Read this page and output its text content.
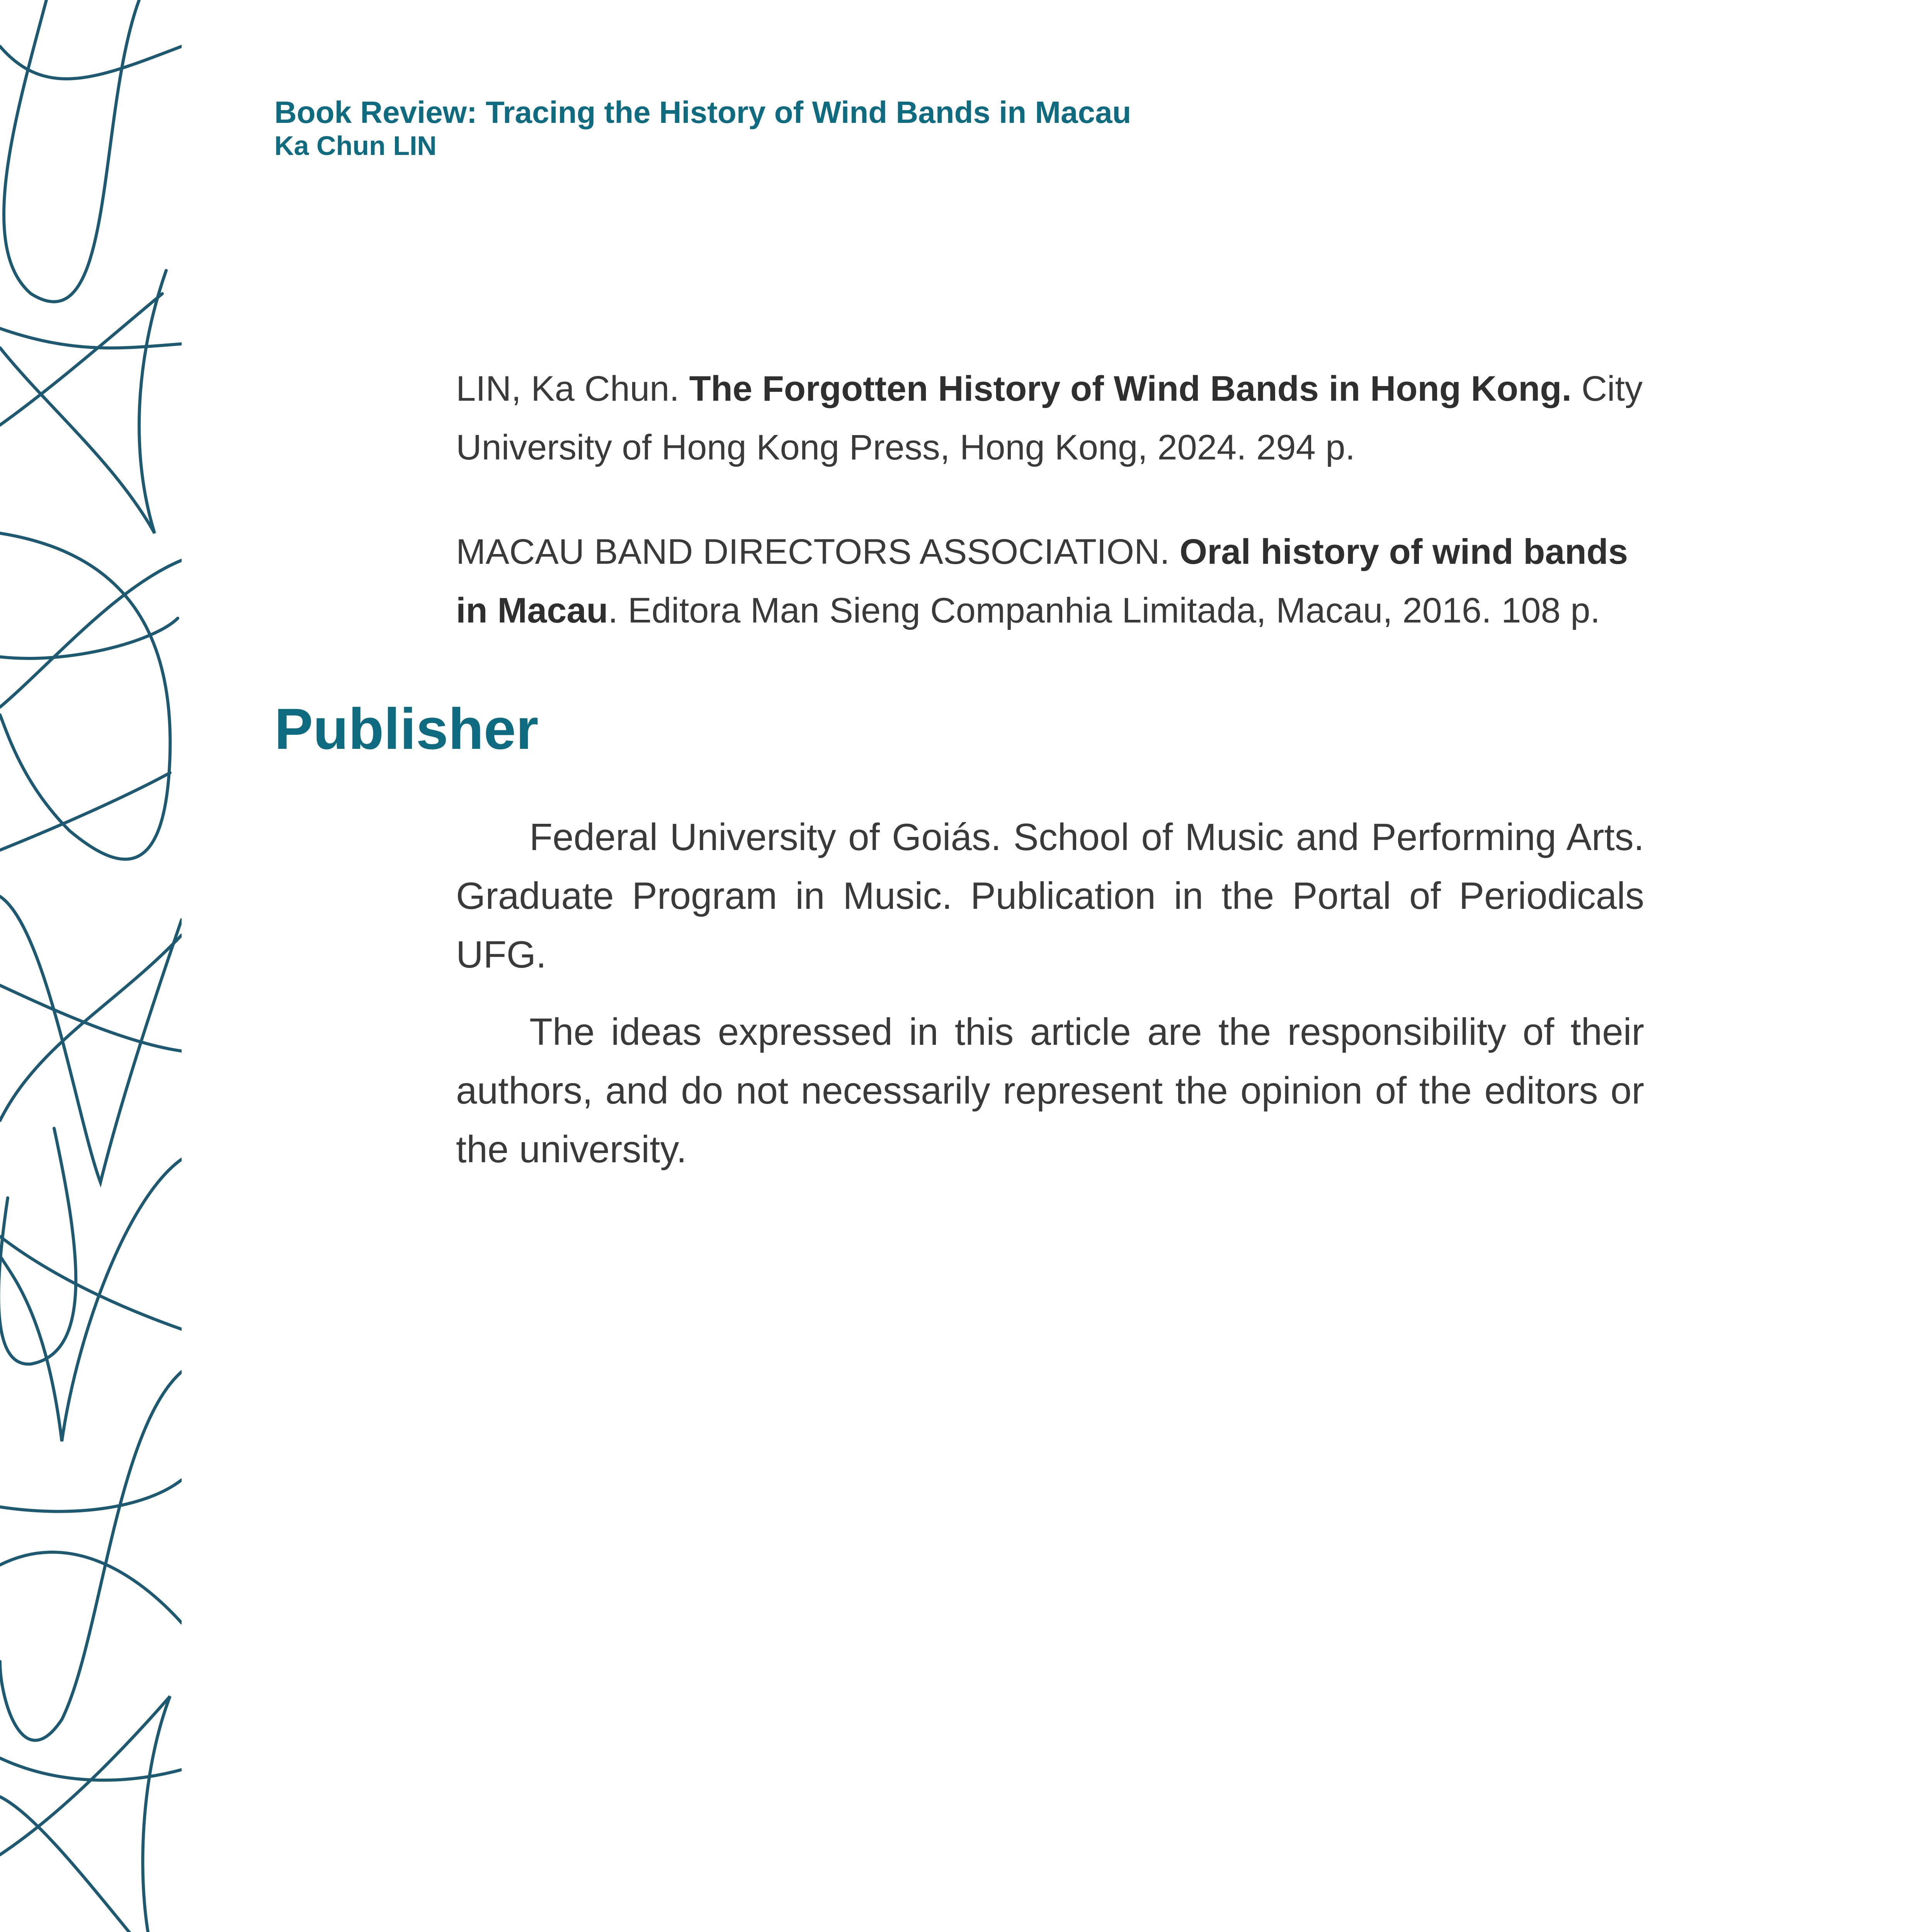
Book Review: Tracing the History of Wind Bands in Macau
Ka Chun LIN

LIN, Ka Chun. The Forgotten History of Wind Bands in Hong Kong. City University of Hong Kong Press, Hong Kong, 2024. 294 p.

MACAU BAND DIRECTORS ASSOCIATION. Oral history of wind bands in Macau. Editora Man Sieng Companhia Limitada, Macau, 2016. 108 p.

Publisher

Federal University of Goiás. School of Music and Performing Arts. Graduate Program in Music. Publication in the Portal of Periodicals UFG.

The ideas expressed in this article are the responsibility of their authors, and do not necessarily represent the opinion of the editors or the university.
